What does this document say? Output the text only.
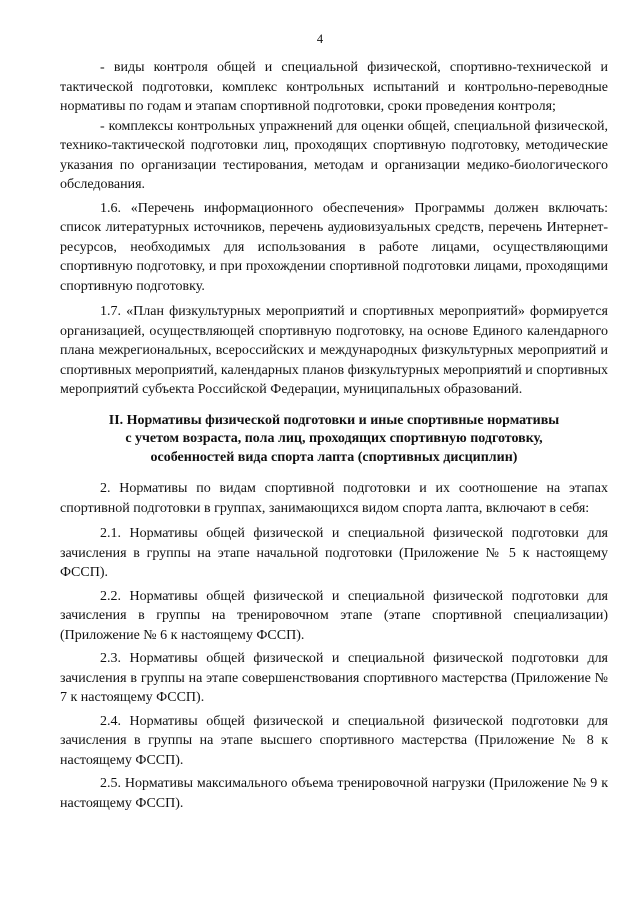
4

- виды контроля общей и специальной физической, спортивно-технической и тактической подготовки, комплекс контрольных испытаний и контрольно-переводные нормативы по годам и этапам спортивной подготовки, сроки проведения контроля;

- комплексы контрольных упражнений для оценки общей, специальной физической, технико-тактической подготовки лиц, проходящих спортивную подготовку, методические указания по организации тестирования, методам и организации медико-биологического обследования.

1.6. «Перечень информационного обеспечения» Программы должен включать: список литературных источников, перечень аудиовизуальных средств, перечень Интернет-ресурсов, необходимых для использования в работе лицами, осуществляющими спортивную подготовку, и при прохождении спортивной подготовки лицами, проходящими спортивную подготовку.

1.7. «План физкультурных мероприятий и спортивных мероприятий» формируется организацией, осуществляющей спортивную подготовку, на основе Единого календарного плана межрегиональных, всероссийских и международных физкультурных мероприятий и спортивных мероприятий, календарных планов физкультурных мероприятий и спортивных мероприятий субъекта Российской Федерации, муниципальных образований.

II. Нормативы физической подготовки и иные спортивные нормативы
с учетом возраста, пола лиц, проходящих спортивную подготовку,
особенностей вида спорта лапта (спортивных дисциплин)

2. Нормативы по видам спортивной подготовки и их соотношение на этапах спортивной подготовки в группах, занимающихся видом спорта лапта, включают в себя:

2.1. Нормативы общей физической и специальной физической подготовки для зачисления в группы на этапе начальной подготовки (Приложение № 5 к настоящему ФССП).

2.2. Нормативы общей физической и специальной физической подготовки для зачисления в группы на тренировочном этапе (этапе спортивной специализации) (Приложение № 6 к настоящему ФССП).

2.3. Нормативы общей физической и специальной физической подготовки для зачисления в группы на этапе совершенствования спортивного мастерства (Приложение № 7 к настоящему ФССП).

2.4. Нормативы общей физической и специальной физической подготовки для зачисления в группы на этапе высшего спортивного мастерства (Приложение № 8 к настоящему ФССП).

2.5. Нормативы максимального объема тренировочной нагрузки (Приложение № 9 к настоящему ФССП).
